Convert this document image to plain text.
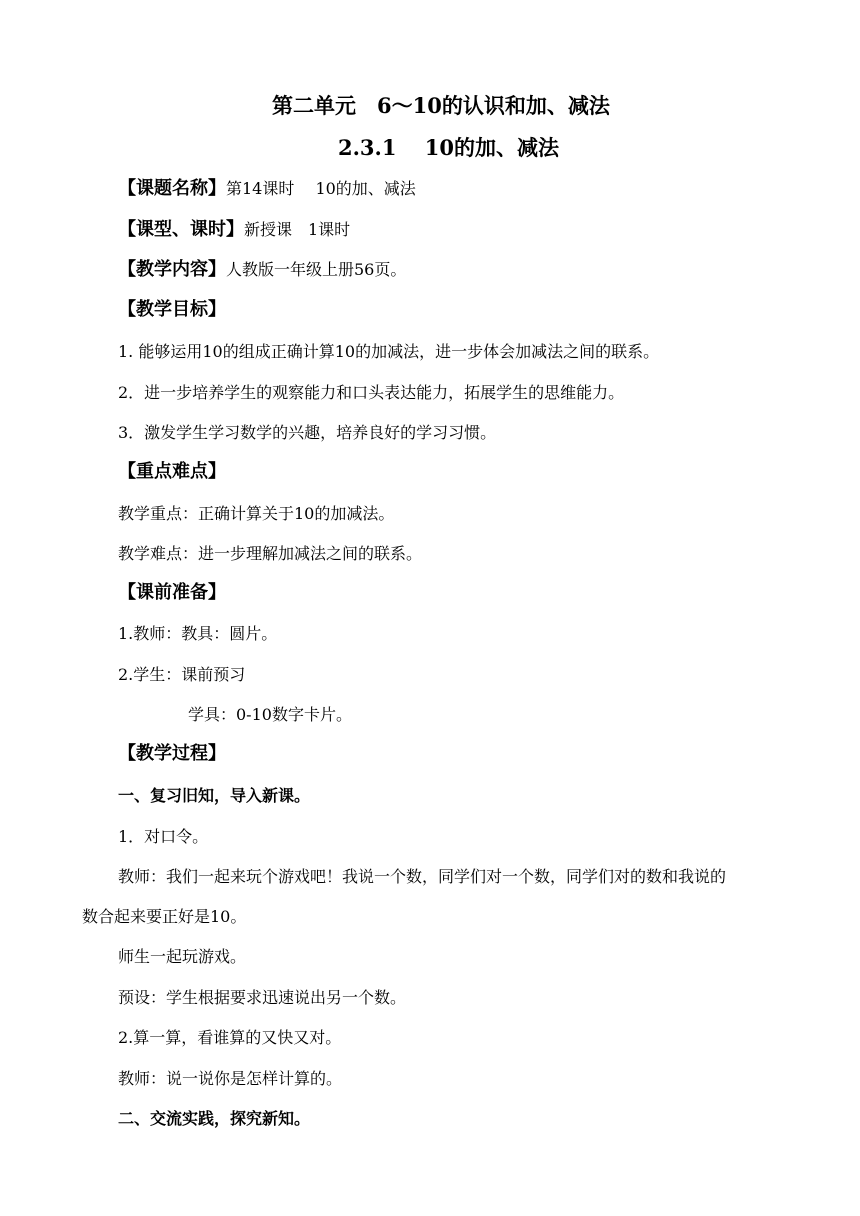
第二单元　6～10的认识和加、减法
2.3.1　 10的加、减法
【课题名称】第14课时　 10的加、减法
【课型、课时】新授课　1课时
【教学内容】人教版一年级上册56页。
【教学目标】
1. 能够运用10的组成正确计算10的加减法，进一步体会加减法之间的联系。
2．进一步培养学生的观察能力和口头表达能力，拓展学生的思维能力。
3．激发学生学习数学的兴趣，培养良好的学习习惯。
【重点难点】
教学重点：正确计算关于10的加减法。
教学难点：进一步理解加减法之间的联系。
【课前准备】
1.教师：教具：圆片。
2.学生：课前预习
学具：0-10数字卡片。
【教学过程】
一、复习旧知，导入新课。
1．对口令。
教师：我们一起来玩个游戏吧！我说一个数，同学们对一个数，同学们对的数和我说的
数合起来要正好是10。
师生一起玩游戏。
预设：学生根据要求迅速说出另一个数。
2.算一算，看谁算的又快又对。
教师：说一说你是怎样计算的。
二、交流实践，探究新知。
